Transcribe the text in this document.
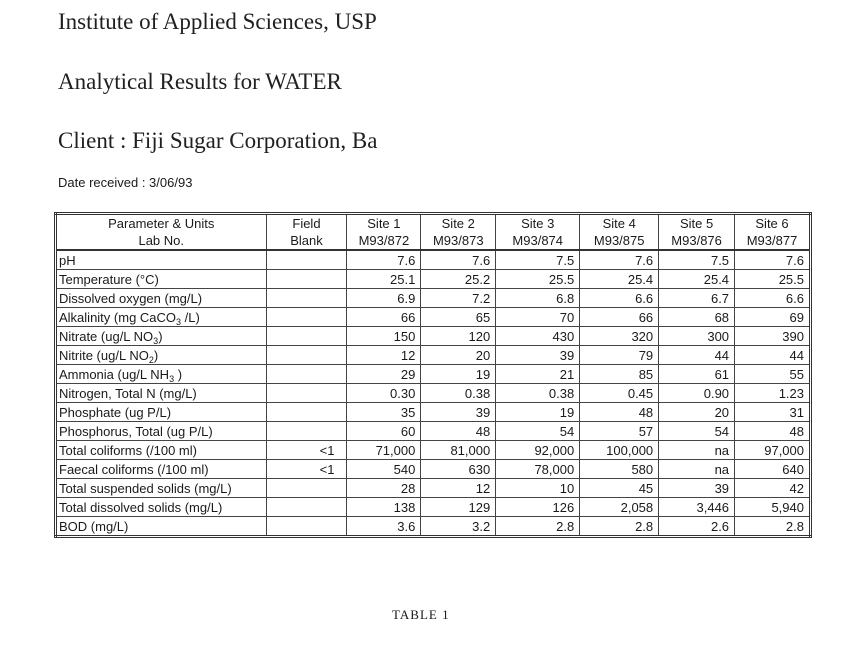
Institute of Applied Sciences, USP
Analytical Results for WATER
Client : Fiji Sugar Corporation, Ba
Date received : 3/06/93
Parameter & Units	Field	Site 1	Site 2	Site 3	Site 4	Site 5	Site 6
Lab No.	Blank	M93/872	M93/873	M93/874	M93/875	M93/876	M93/877
pH		7.6	7.6	7.5	7.6	7.5	7.6
Temperature (°C)		25.1	25.2	25.5	25.4	25.4	25.5
Dissolved oxygen (mg/L)		6.9	7.2	6.8	6.6	6.7	6.6
Alkalinity (mg CaCO$_3$ /L)		66	65	70	66	68	69
Nitrate (ug/L $NO_3$)		150	120	430	320	300	390
Nitrite (ug/L $NO_2$)		12	20	39	79	44	44
Ammonia (ug/L $NH_3$ )		29	19	21	85	61	55
Nitrogen, Total N (mg/L)		0.30	0.38	0.38	0.45	0.90	1.23
Phosphate (ug P/L)		35	39	19	48	20	31
Phosphorus, Total (ug P/L)		60	48	54	57	54	48
Total coliforms (/100 ml)	<1	71,000	81,000	92,000	100,000	na	97,000
Faecal coliforms (/100 ml)	<1	540	630	78,000	580	na	640
Total suspended solids (mg/L)		28	12	10	45	39	42
Total dissolved solids (mg/L)		138	129	126	2,058	3,446	5,940
BOD (mg/L)		3.6	3.2	2.8	2.8	2.6	2.8
TABLE 1
